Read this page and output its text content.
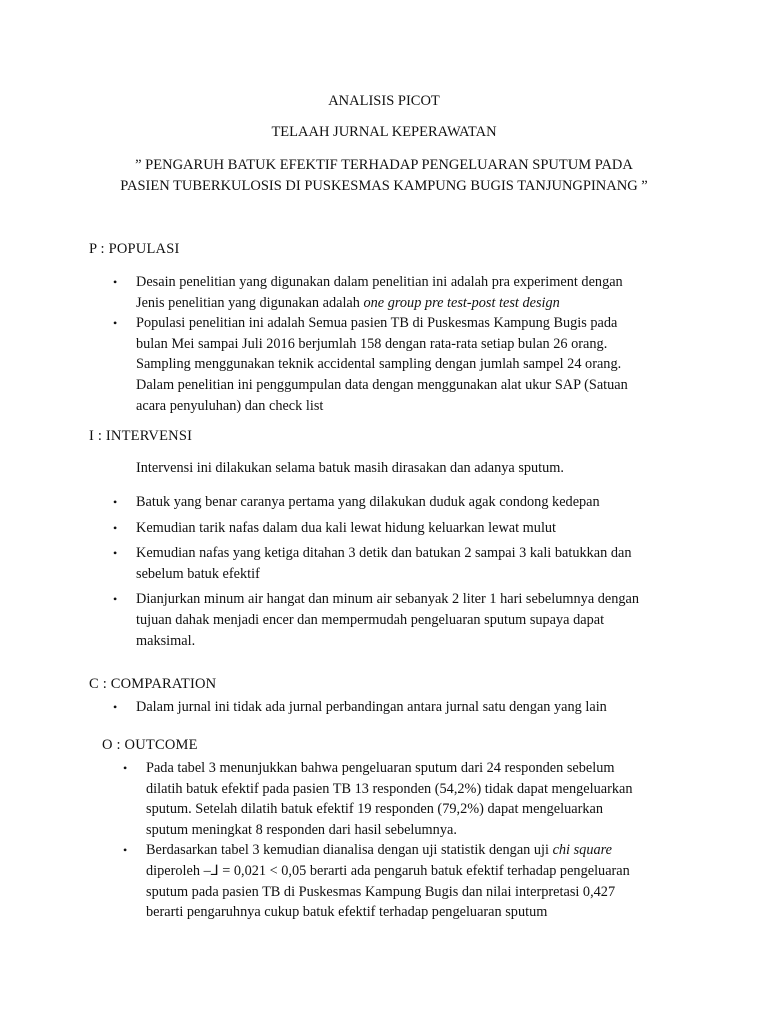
ANALISIS PICOT
TELAAH JURNAL KEPERAWATAN
” PENGARUH BATUK EFEKTIF TERHADAP PENGELUARAN SPUTUM PADA
PASIEN TUBERKULOSIS DI PUSKESMAS KAMPUNG BUGIS TANJUNGPINANG ”
P : POPULASI
• Desain penelitian yang digunakan dalam penelitian ini adalah pra experiment dengan
Jenis penelitian yang digunakan adalah one group pre test-post test design
• Populasi penelitian ini adalah Semua pasien TB di Puskesmas Kampung Bugis pada
bulan Mei sampai Juli 2016 berjumlah 158 dengan rata-rata setiap bulan 26 orang.
Sampling menggunakan teknik accidental sampling dengan jumlah sampel 24 orang.
Dalam penelitian ini penggumpulan data dengan menggunakan alat ukur SAP (Satuan
acara penyuluhan) dan check list
I : INTERVENSI
Intervensi ini dilakukan selama batuk masih dirasakan dan adanya sputum.
• Batuk yang benar caranya pertama yang dilakukan duduk agak condong kedepan
• Kemudian tarik nafas dalam dua kali lewat hidung keluarkan lewat mulut
• Kemudian nafas yang ketiga ditahan 3 detik dan batukan 2 sampai 3 kali batukkan dan
sebelum batuk efektif
• Dianjurkan minum air hangat dan minum air sebanyak 2 liter 1 hari sebelumnya dengan
tujuan dahak menjadi encer dan mempermudah pengeluaran sputum supaya dapat
maksimal.
C : COMPARATION
• Dalam jurnal ini tidak ada jurnal perbandingan antara jurnal satu dengan yang lain
O : OUTCOME
• Pada tabel 3 menunjukkan bahwa pengeluaran sputum dari 24 responden sebelum
dilatih batuk efektif pada pasien TB 13 responden (54,2%) tidak dapat mengeluarkan
sputum. Setelah dilatih batuk efektif 19 responden (79,2%) dapat mengeluarkan
sputum meningkat 8 responden dari hasil sebelumnya.
• Berdasarkan tabel 3 kemudian dianalisa dengan uji statistik dengan uji chi square
diperoleh –⅃ = 0,021 < 0,05 berarti ada pengaruh batuk efektif terhadap pengeluaran
sputum pada pasien TB di Puskesmas Kampung Bugis dan nilai interpretasi 0,427
berarti pengaruhnya cukup batuk efektif terhadap pengeluaran sputum
